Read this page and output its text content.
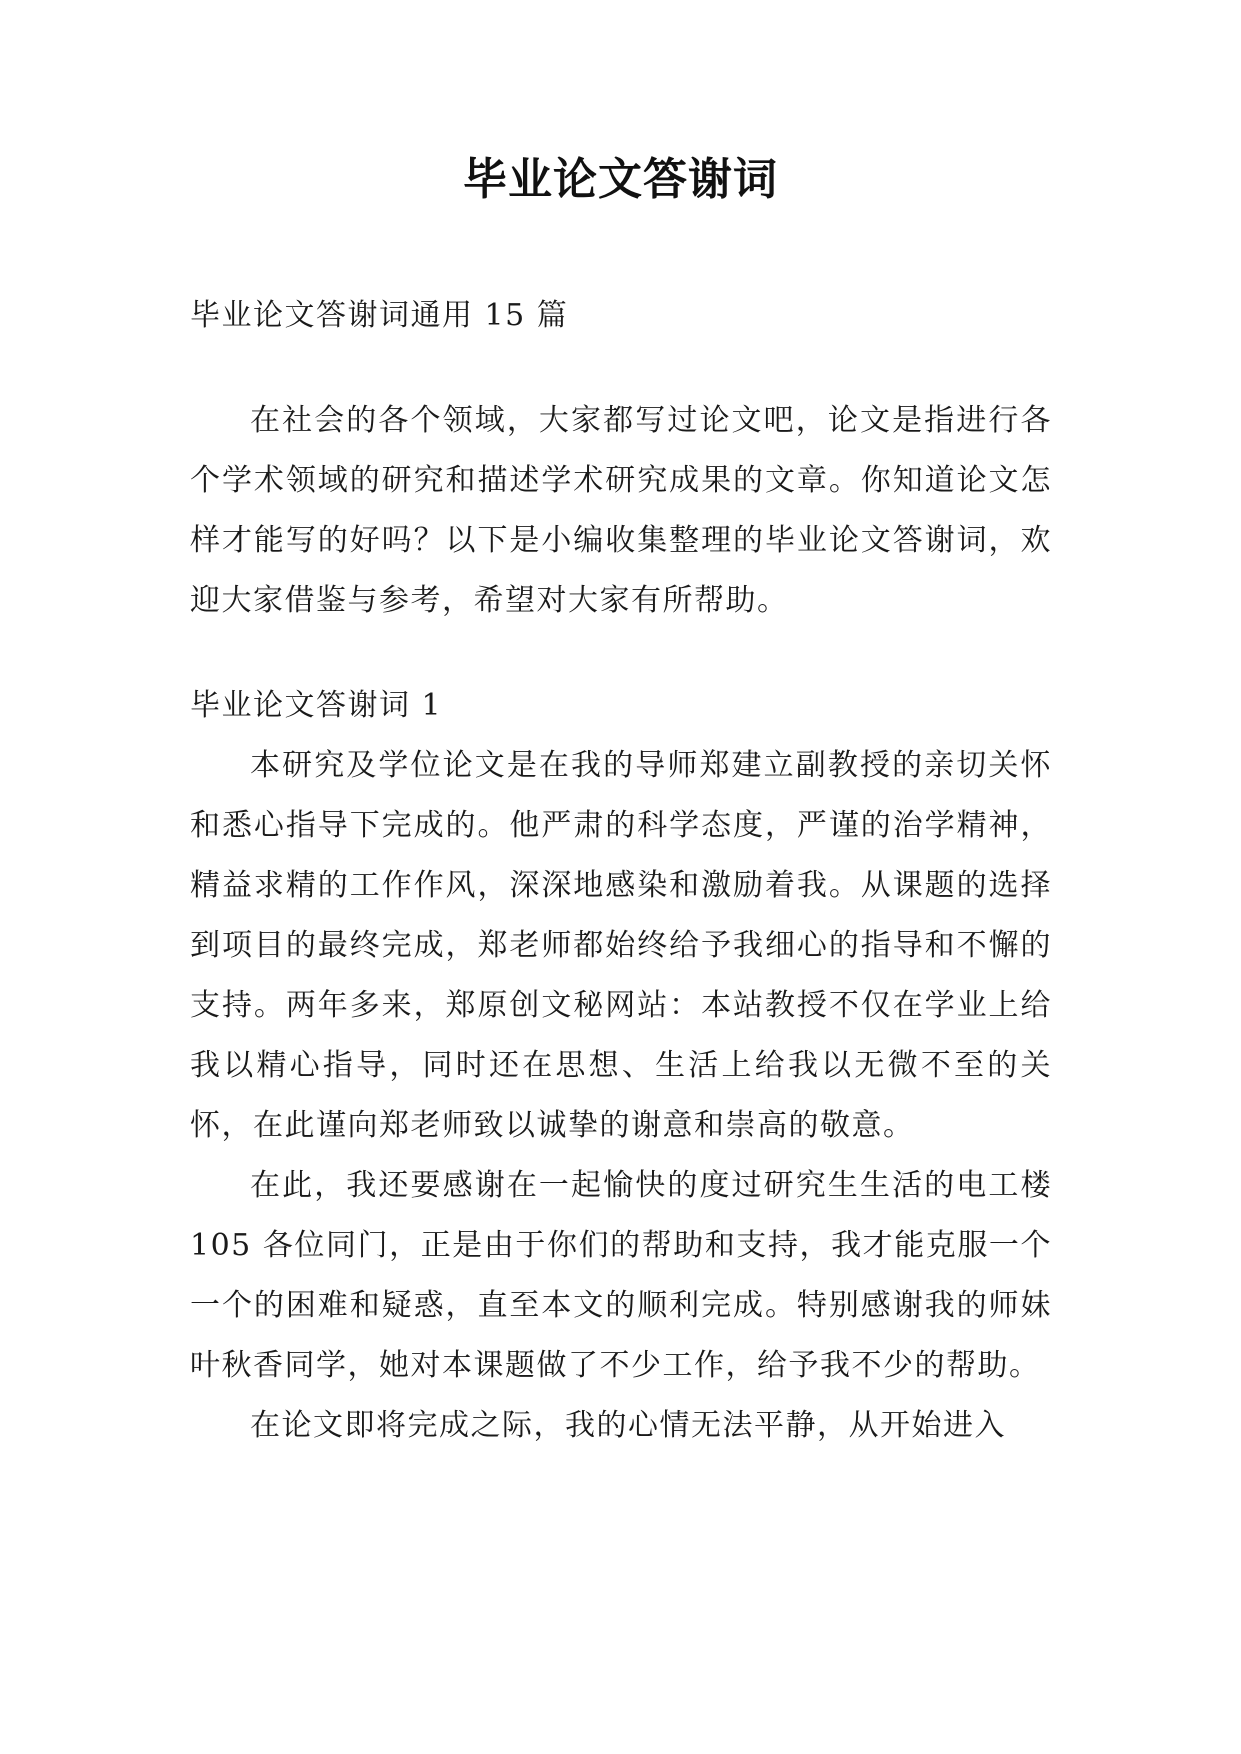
毕业论文答谢词

毕业论文答谢词通用 15 篇

在社会的各个领域，大家都写过论文吧，论文是指进行各个学术领域的研究和描述学术研究成果的文章。你知道论文怎样才能写的好吗？以下是小编收集整理的毕业论文答谢词，欢迎大家借鉴与参考，希望对大家有所帮助。

毕业论文答谢词 1

本研究及学位论文是在我的导师郑建立副教授的亲切关怀和悉心指导下完成的。他严肃的科学态度，严谨的治学精神，精益求精的工作作风，深深地感染和激励着我。从课题的选择到项目的最终完成，郑老师都始终给予我细心的指导和不懈的支持。两年多来，郑原创文秘网站：本站教授不仅在学业上给我以精心指导，同时还在思想、生活上给我以无微不至的关怀，在此谨向郑老师致以诚挚的谢意和崇高的敬意。

在此，我还要感谢在一起愉快的度过研究生生活的电工楼 105 各位同门，正是由于你们的帮助和支持，我才能克服一个一个的困难和疑惑，直至本文的顺利完成。特别感谢我的师妹叶秋香同学，她对本课题做了不少工作，给予我不少的帮助。

在论文即将完成之际，我的心情无法平静，从开始进入
